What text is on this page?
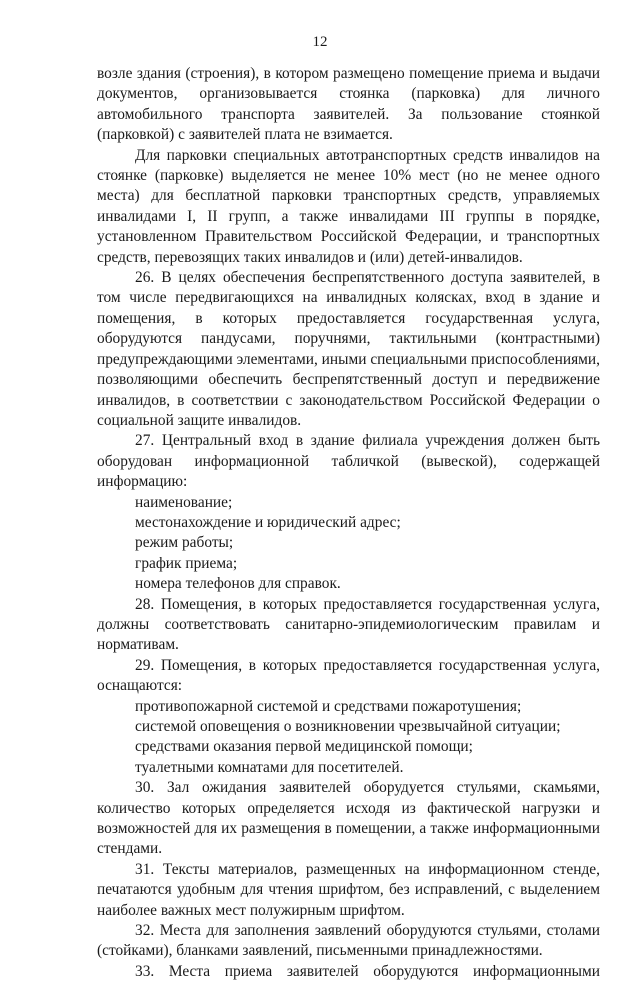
12

возле здания (строения), в котором размещено помещение приема и выдачи документов, организовывается стоянка (парковка) для личного автомобильного транспорта заявителей. За пользование стоянкой (парковкой) с заявителей плата не взимается.

Для парковки специальных автотранспортных средств инвалидов на стоянке (парковке) выделяется не менее 10% мест (но не менее одного места) для бесплатной парковки транспортных средств, управляемых инвалидами I, II групп, а также инвалидами III группы в порядке, установленном Правительством Российской Федерации, и транспортных средств, перевозящих таких инвалидов и (или) детей-инвалидов.

26. В целях обеспечения беспрепятственного доступа заявителей, в том числе передвигающихся на инвалидных колясках, вход в здание и помещения, в которых предоставляется государственная услуга, оборудуются пандусами, поручнями, тактильными (контрастными) предупреждающими элементами, иными специальными приспособлениями, позволяющими обеспечить беспрепятственный доступ и передвижение инвалидов, в соответствии с законодательством Российской Федерации о социальной защите инвалидов.

27. Центральный вход в здание филиала учреждения должен быть оборудован информационной табличкой (вывеской), содержащей информацию:

наименование;

местонахождение и юридический адрес;

режим работы;

график приема;

номера телефонов для справок.

28. Помещения, в которых предоставляется государственная услуга, должны соответствовать санитарно-эпидемиологическим правилам и нормативам.

29. Помещения, в которых предоставляется государственная услуга, оснащаются:

противопожарной системой и средствами пожаротушения;

системой оповещения о возникновении чрезвычайной ситуации;

средствами оказания первой медицинской помощи;

туалетными комнатами для посетителей.

30. Зал ожидания заявителей оборудуется стульями, скамьями, количество которых определяется исходя из фактической нагрузки и возможностей для их размещения в помещении, а также информационными стендами.

31. Тексты материалов, размещенных на информационном стенде, печатаются удобным для чтения шрифтом, без исправлений, с выделением наиболее важных мест полужирным шрифтом.

32. Места для заполнения заявлений оборудуются стульями, столами (стойками), бланками заявлений, письменными принадлежностями.

33. Места приема заявителей оборудуются информационными
